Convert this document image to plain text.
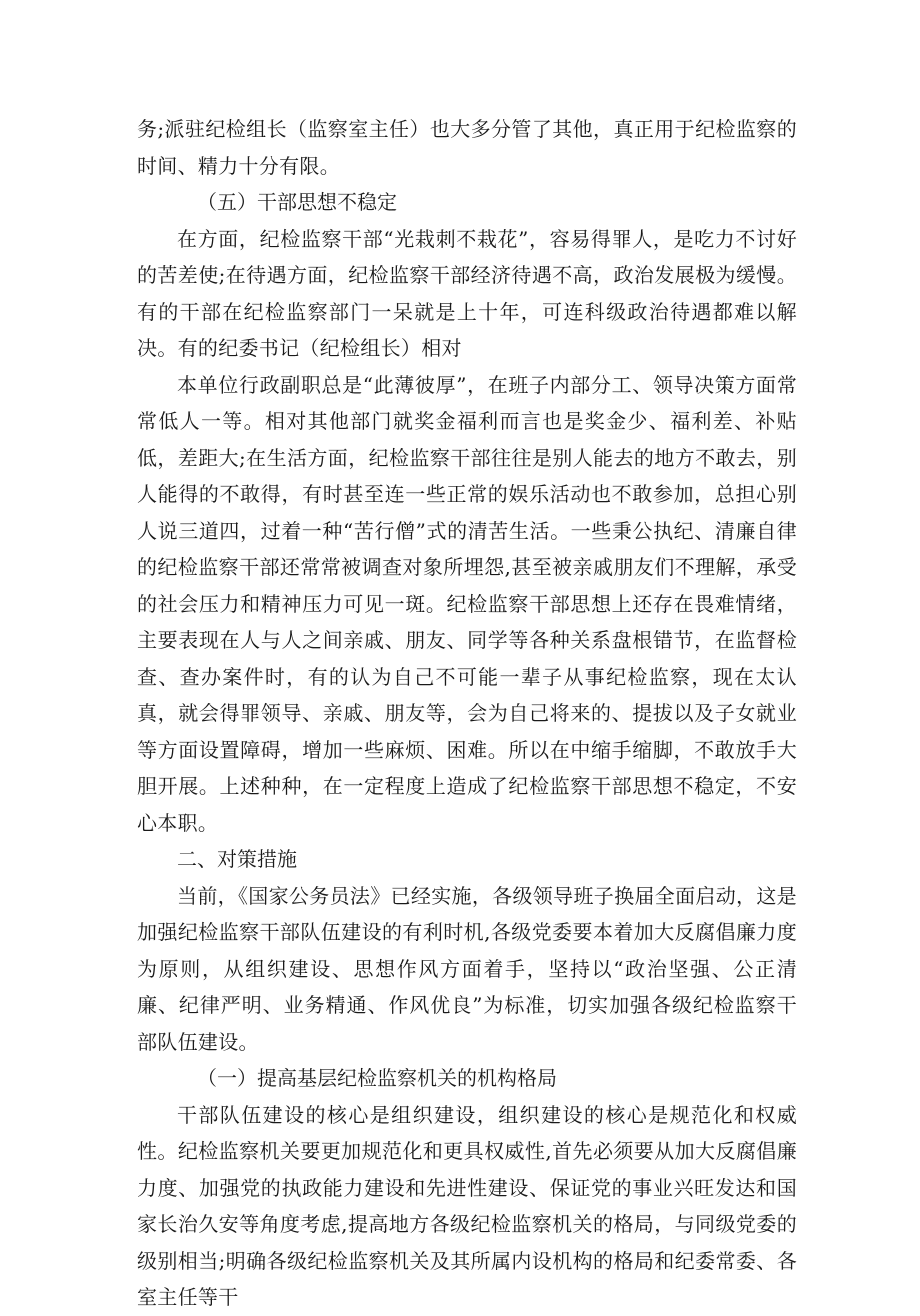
务;派驻纪检组长（监察室主任）也大多分管了其他，真正用于纪检监察的时间、精力十分有限。

（五）干部思想不稳定

在方面，纪检监察干部“光栽刺不栽花”，容易得罪人，是吃力不讨好的苦差使;在待遇方面，纪检监察干部经济待遇不高，政治发展极为缓慢。有的干部在纪检监察部门一呆就是上十年，可连科级政治待遇都难以解决。有的纪委书记（纪检组长）相对

本单位行政副职总是“此薄彼厚”，在班子内部分工、领导决策方面常常低人一等。相对其他部门就奖金福利而言也是奖金少、福利差、补贴低，差距大;在生活方面，纪检监察干部往往是别人能去的地方不敢去，别人能得的不敢得，有时甚至连一些正常的娱乐活动也不敢参加，总担心别人说三道四，过着一种“苦行僧”式的清苦生活。一些秉公执纪、清廉自律的纪检监察干部还常常被调查对象所埋怨,甚至被亲戚朋友们不理解，承受的社会压力和精神压力可见一斑。纪检监察干部思想上还存在畏难情绪，主要表现在人与人之间亲戚、朋友、同学等各种关系盘根错节，在监督检查、查办案件时，有的认为自己不可能一辈子从事纪检监察，现在太认真，就会得罪领导、亲戚、朋友等，会为自己将来的、提拔以及子女就业等方面设置障碍，增加一些麻烦、困难。所以在中缩手缩脚，不敢放手大胆开展。上述种种，在一定程度上造成了纪检监察干部思想不稳定，不安心本职。

二、对策措施

当前，《国家公务员法》已经实施，各级领导班子换届全面启动，这是加强纪检监察干部队伍建设的有利时机,各级党委要本着加大反腐倡廉力度为原则，从组织建设、思想作风方面着手，坚持以“政治坚强、公正清廉、纪律严明、业务精通、作风优良”为标准，切实加强各级纪检监察干部队伍建设。

（一）提高基层纪检监察机关的机构格局

干部队伍建设的核心是组织建设，组织建设的核心是规范化和权威性。纪检监察机关要更加规范化和更具权威性,首先必须要从加大反腐倡廉力度、加强党的执政能力建设和先进性建设、保证党的事业兴旺发达和国家长治久安等角度考虑,提高地方各级纪检监察机关的格局，与同级党委的级别相当;明确各级纪检监察机关及其所属内设机构的格局和纪委常委、各室主任等干
